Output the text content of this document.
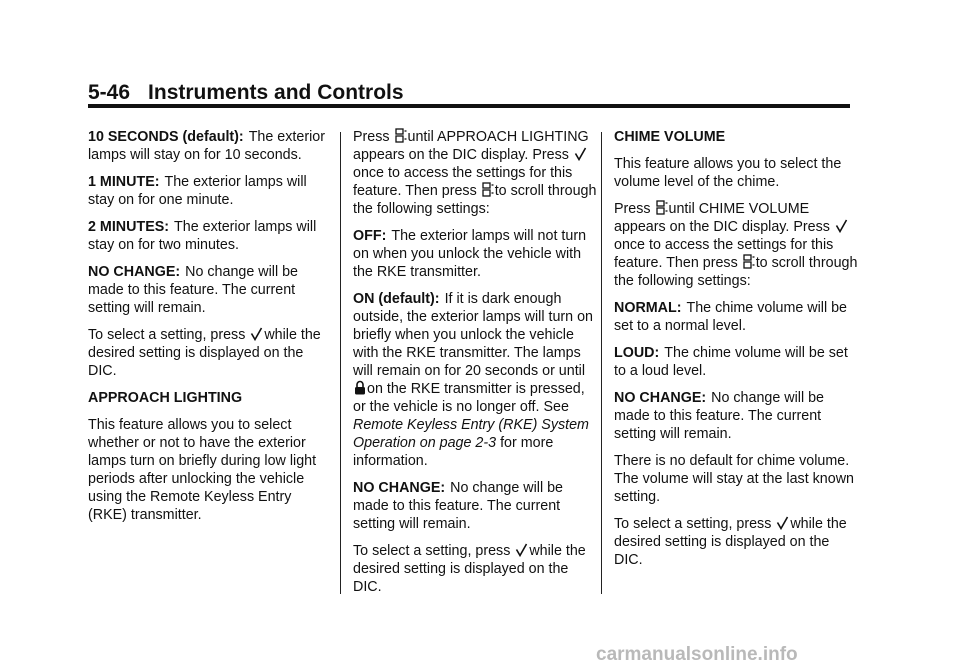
5-46 Instruments and Controls

10 SECONDS (default): The exterior lamps will stay on for 10 seconds.

1 MINUTE: The exterior lamps will stay on for one minute.

2 MINUTES: The exterior lamps will stay on for two minutes.

NO CHANGE: No change will be made to this feature. The current setting will remain.

To select a setting, press while the desired setting is displayed on the DIC.

APPROACH LIGHTING

This feature allows you to select whether or not to have the exterior lamps turn on briefly during low light periods after unlocking the vehicle using the Remote Keyless Entry (RKE) transmitter.

Press until APPROACH LIGHTING appears on the DIC display. Press once to access the settings for this feature. Then press to scroll through the following settings:

OFF: The exterior lamps will not turn on when you unlock the vehicle with the RKE transmitter.

ON (default): If it is dark enough outside, the exterior lamps will turn on briefly when you unlock the vehicle with the RKE transmitter. The lamps will remain on for 20 seconds or until on the RKE transmitter is pressed, or the vehicle is no longer off. See Remote Keyless Entry (RKE) System Operation on page 2-3 for more information.

NO CHANGE: No change will be made to this feature. The current setting will remain.

To select a setting, press while the desired setting is displayed on the DIC.

CHIME VOLUME

This feature allows you to select the volume level of the chime.

Press until CHIME VOLUME appears on the DIC display. Press once to access the settings for this feature. Then press to scroll through the following settings:

NORMAL: The chime volume will be set to a normal level.

LOUD: The chime volume will be set to a loud level.

NO CHANGE: No change will be made to this feature. The current setting will remain.

There is no default for chime volume. The volume will stay at the last known setting.

To select a setting, press while the desired setting is displayed on the DIC.

carmanualsonline.info
